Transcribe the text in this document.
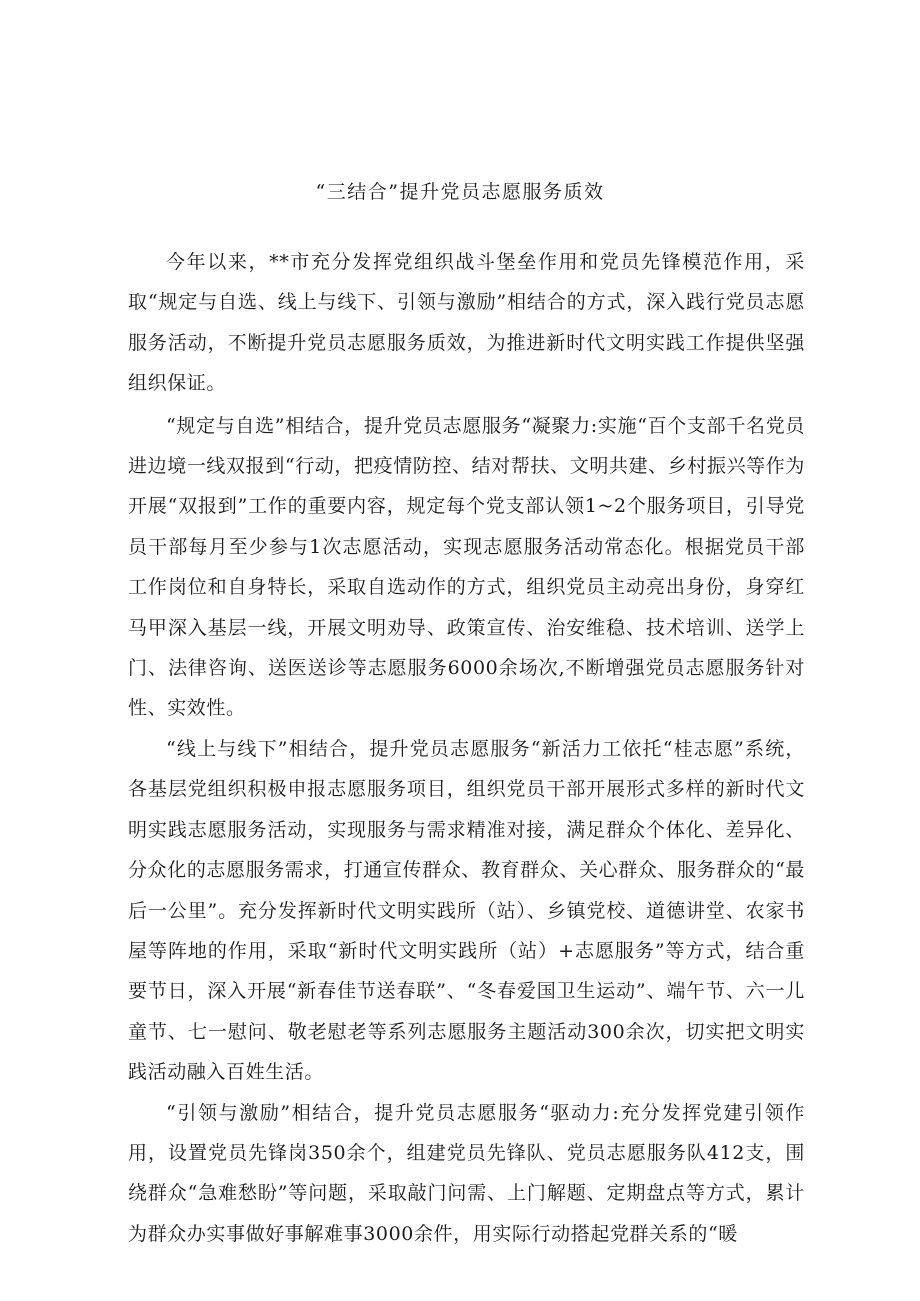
“三结合”提升党员志愿服务质效

今年以来，**市充分发挥党组织战斗堡垒作用和党员先锋模范作用，采取“规定与自选、线上与线下、引领与激励”相结合的方式，深入践行党员志愿服务活动，不断提升党员志愿服务质效，为推进新时代文明实践工作提供坚强组织保证。

“规定与自选”相结合，提升党员志愿服务“凝聚力:实施“百个支部千名党员进边境一线双报到“行动，把疫情防控、结对帮扶、文明共建、乡村振兴等作为开展“双报到”工作的重要内容，规定每个党支部认领1~2个服务项目，引导党员干部每月至少参与1次志愿活动，实现志愿服务活动常态化。根据党员干部工作岗位和自身特长，采取自选动作的方式，组织党员主动亮出身份，身穿红马甲深入基层一线，开展文明劝导、政策宣传、治安维稳、技术培训、送学上门、法律咨询、送医送诊等志愿服务6000余场次,不断增强党员志愿服务针对性、实效性。

“线上与线下”相结合，提升党员志愿服务“新活力工依托“桂志愿”系统，各基层党组织积极申报志愿服务项目，组织党员干部开展形式多样的新时代文明实践志愿服务活动，实现服务与需求精准对接，满足群众个体化、差异化、分众化的志愿服务需求，打通宣传群众、教育群众、关心群众、服务群众的“最后一公里”。充分发挥新时代文明实践所（站）、乡镇党校、道德讲堂、农家书屋等阵地的作用，采取“新时代文明实践所（站）+志愿服务”等方式，结合重要节日，深入开展“新春佳节送春联”、“冬春爱国卫生运动”、端午节、六一儿童节、七一慰问、敬老慰老等系列志愿服务主题活动300余次，切实把文明实践活动融入百姓生活。

“引领与激励”相结合，提升党员志愿服务“驱动力:充分发挥党建引领作用，设置党员先锋岗350余个，组建党员先锋队、党员志愿服务队412支，围绕群众“急难愁盼”等问题，采取敲门问需、上门解题、定期盘点等方式，累计为群众办实事做好事解难事3000余件，用实际行动搭起党群关系的“暖
